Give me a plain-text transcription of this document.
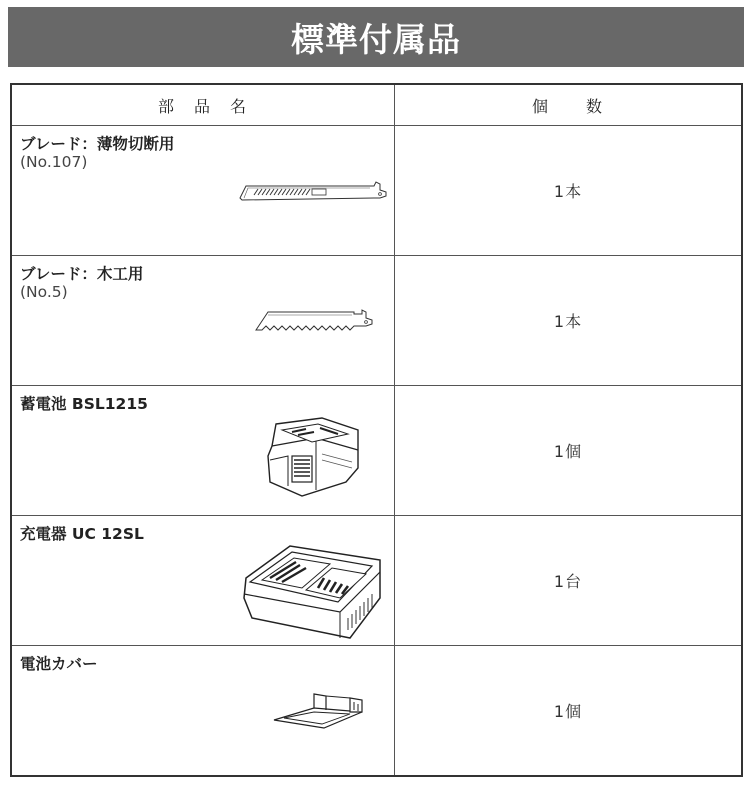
標準付属品
部　品　名	個　　数

ブレード：薄物切断用
(No.107)	1本

ブレード：木工用
(No.5)	1本

蓄電池 BSL1215	1個

充電器 UC 12SL	1台

電池カバー	1個
